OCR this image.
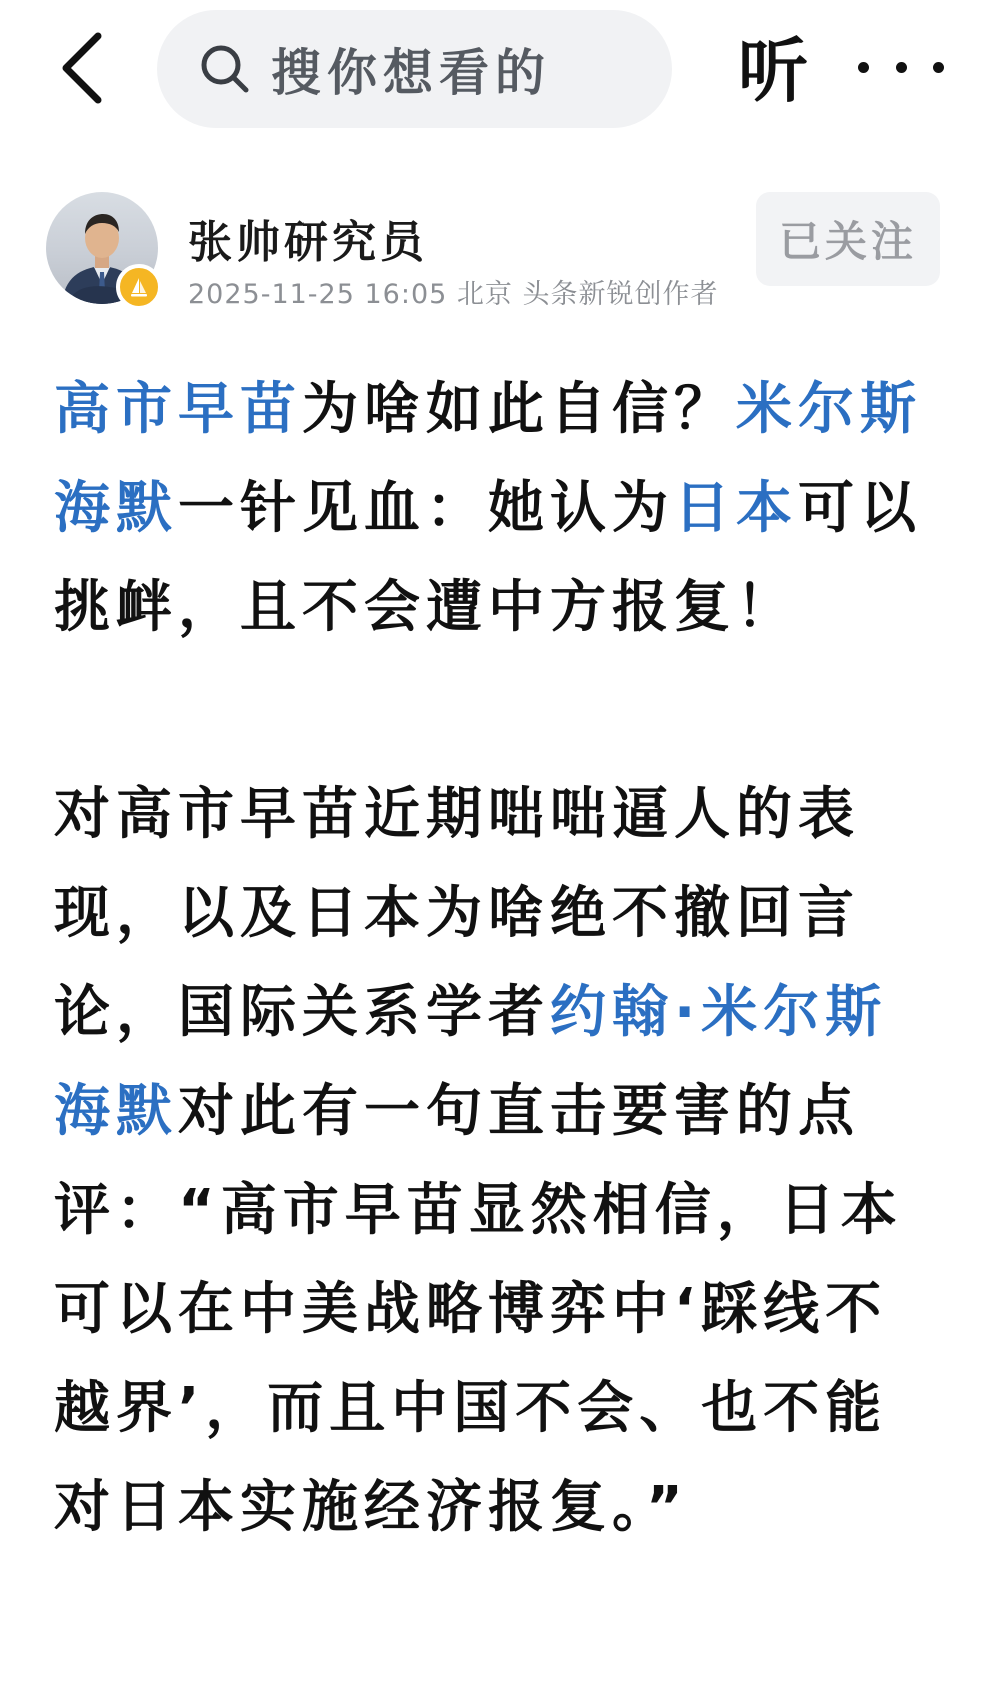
搜你想看的	听
张帅研究员
2025-11-25 16:05 北京 头条新锐创作者
已关注

高市早苗为啥如此自信？米尔斯海默一针见血：她认为日本可以挑衅，且不会遭中方报复！

对高市早苗近期咄咄逼人的表现，以及日本为啥绝不撤回言论，国际关系学者约翰·米尔斯海默对此有一句直击要害的点评：“高市早苗显然相信，日本可以在中美战略博弈中‘踩线不越界’，而且中国不会、也不能对日本实施经济报复。”
